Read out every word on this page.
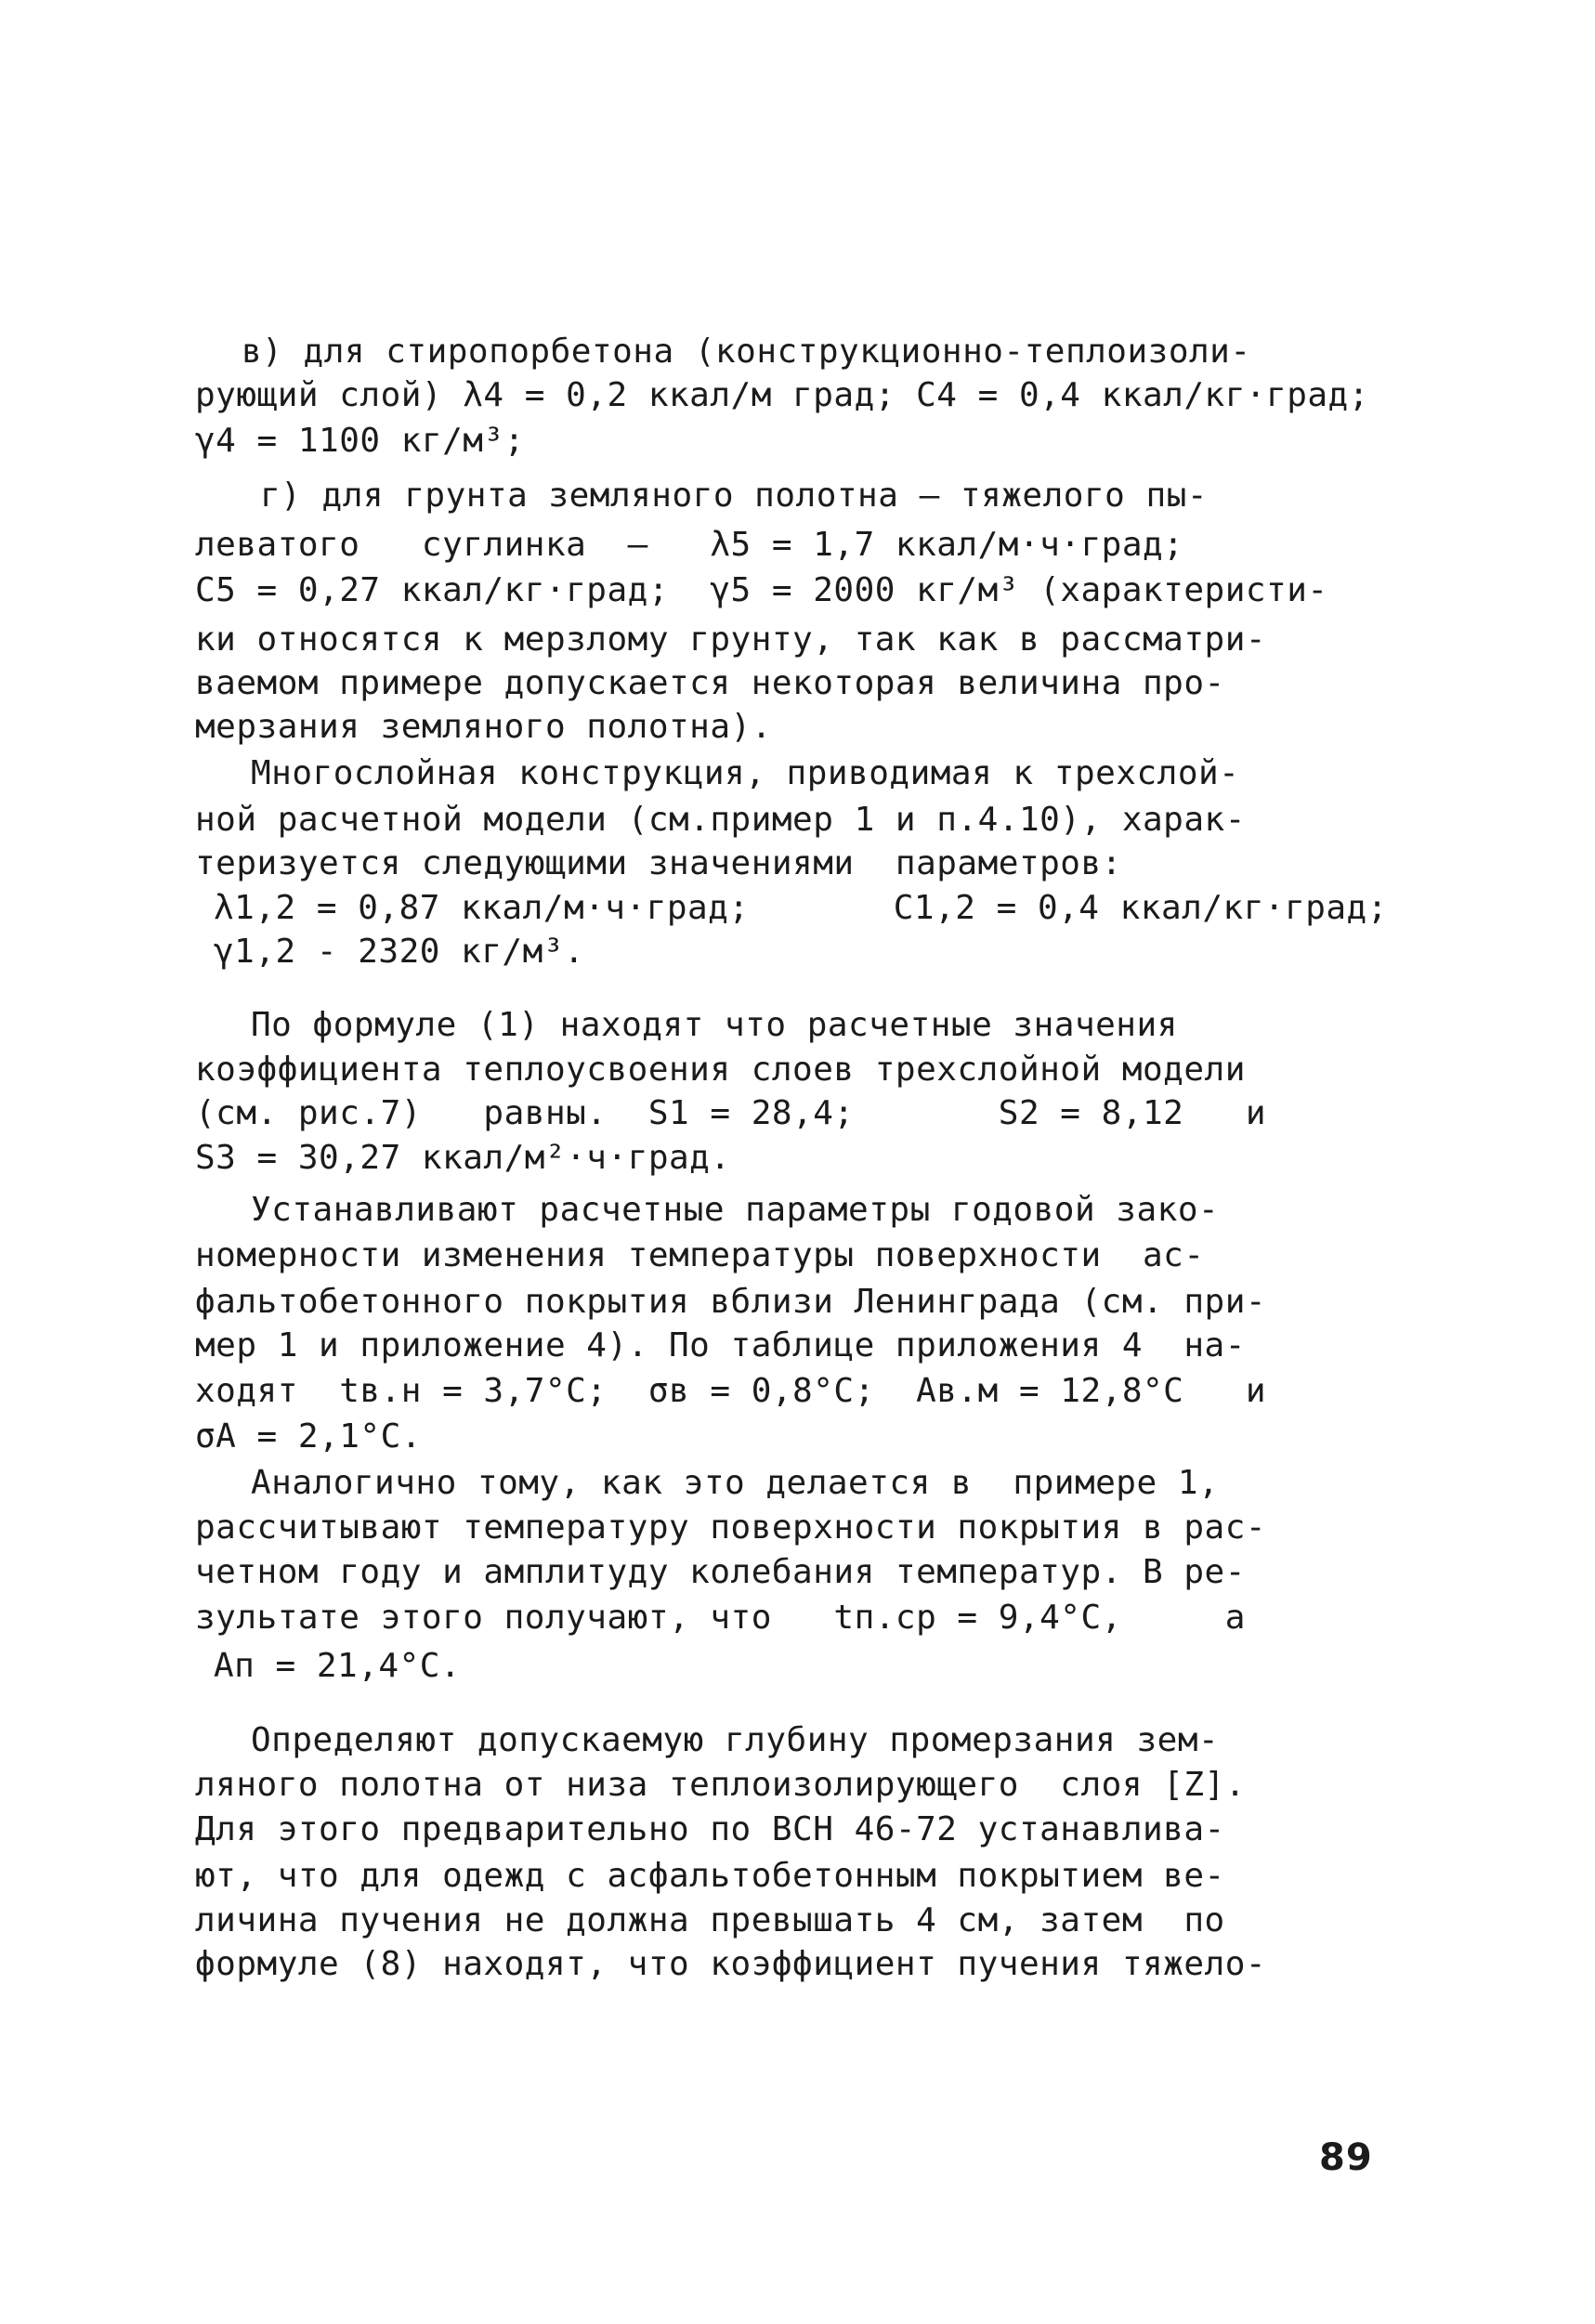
в) для стиропорбетона (конструкционно-теплоизоли-
рующий слой) λ4 = 0,2 ккал/м град; C4 = 0,4 ккал/кг·град;
γ4 = 1100 кг/м³;
г) для грунта земляного полотна – тяжелого пы-
леватого   суглинка  –   λ5 = 1,7 ккал/м·ч·град;
C5 = 0,27 ккал/кг·град;  γ5 = 2000 кг/м³ (характеристи-
ки относятся к мерзлому грунту, так как в рассматри-
ваемом примере допускается некоторая величина про-
мерзания земляного полотна).
Многослойная конструкция, приводимая к трехслой-
ной расчетной модели (см.пример 1 и п.4.10), харак-
теризуется следующими значениями  параметров:
λ1,2 = 0,87 ккал/м·ч·град;       C1,2 = 0,4 ккал/кг·град;
γ1,2 - 2320 кг/м³.
По формуле (1) находят что расчетные значения
коэффициента теплоусвоения слоев трехслойной модели
(см. рис.7)   равны.  S1 = 28,4;       S2 = 8,12   и
S3 = 30,27 ккал/м²·ч·град.
Устанавливают расчетные параметры годовой зако-
номерности изменения температуры поверхности  ас-
фальтобетонного покрытия вблизи Ленинграда (см. при-
мер 1 и приложение 4). По таблице приложения 4  на-
ходят  tв.н = 3,7°С;  σв = 0,8°С;  Aв.м = 12,8°С   и
σA = 2,1°С.
Аналогично тому, как это делается в  примере 1,
рассчитывают температуру поверхности покрытия в рас-
четном году и амплитуду колебания температур. В ре-
зультате этого получают, что   tп.ср = 9,4°С,     а
Aп = 21,4°С.
Определяют допускаемую глубину промерзания зем-
ляного полотна от низа теплоизолирующего  слоя [Z].
Для этого предварительно по ВСН 46-72 устанавлива-
ют, что для одежд с асфальтобетонным покрытием ве-
личина пучения не должна превышать 4 см, затем  по
формуле (8) находят, что коэффициент пучения тяжело-
89
